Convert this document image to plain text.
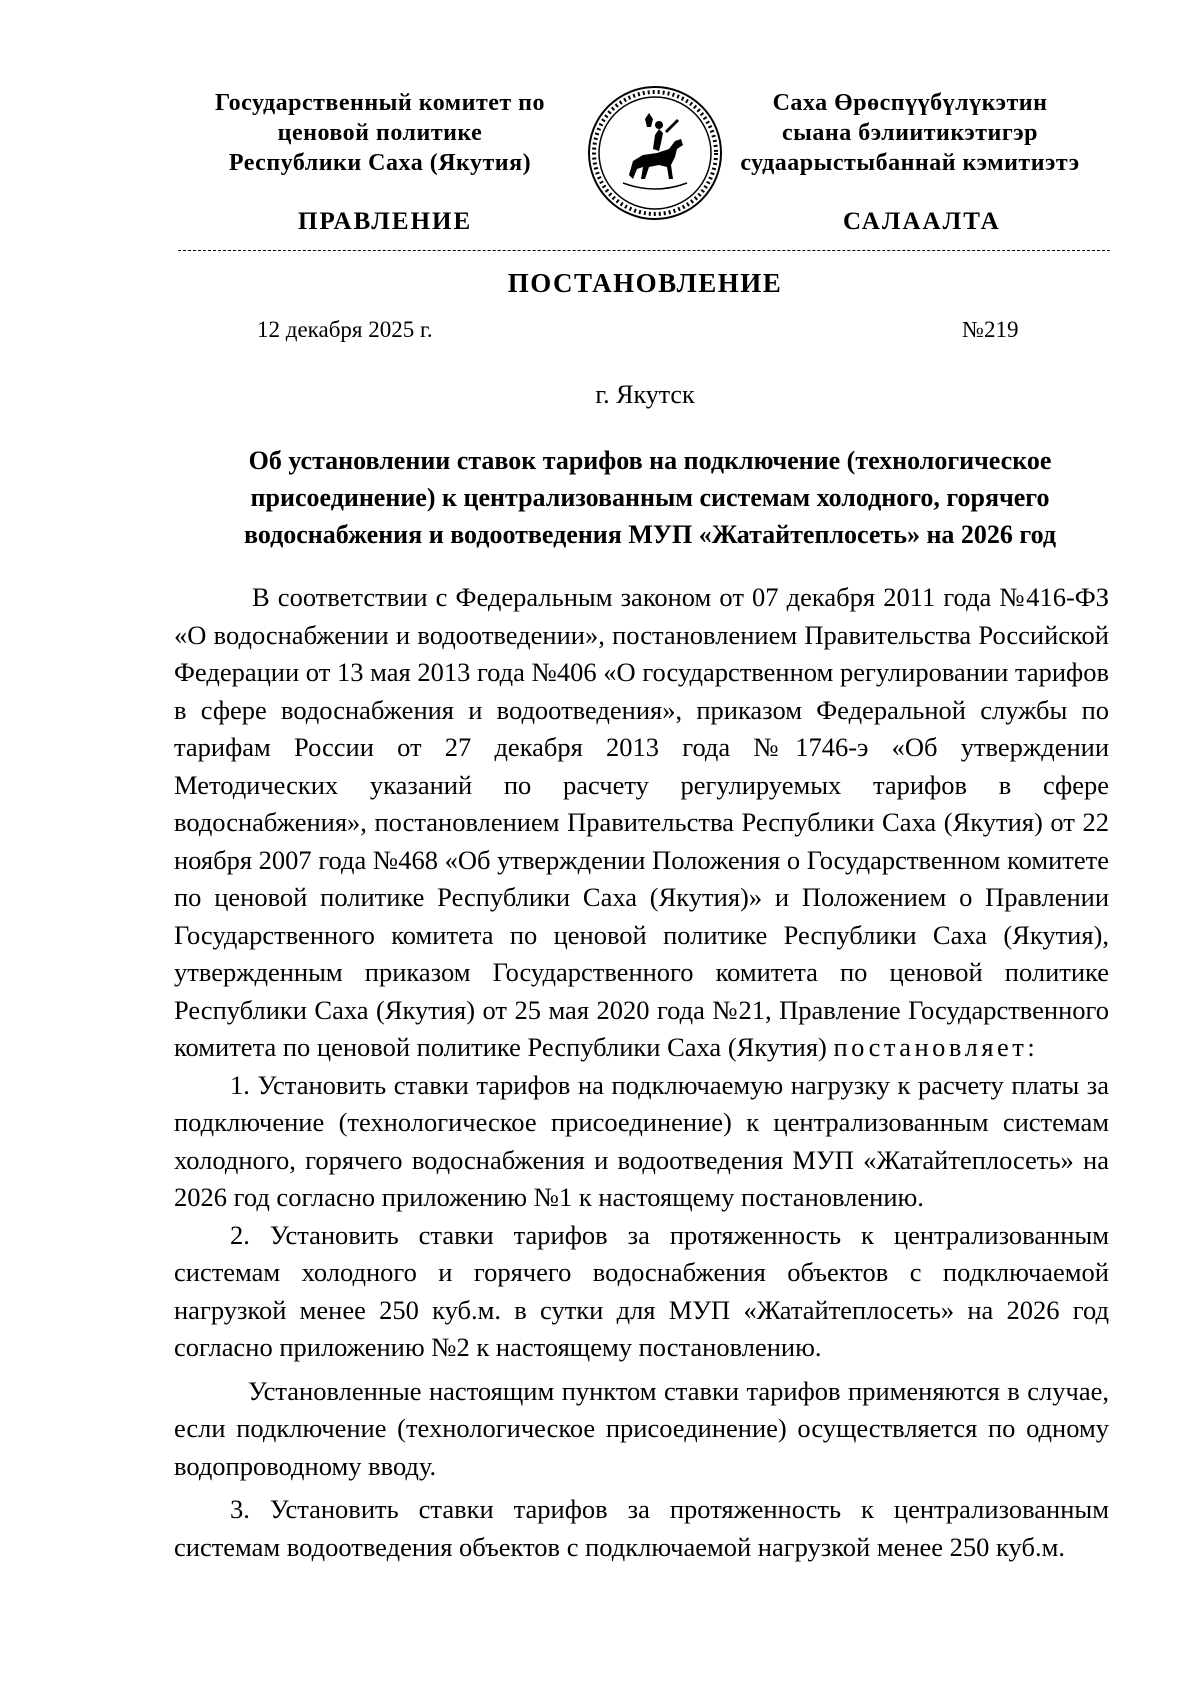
Государственный комитет по
ценовой политике
Республики Саха (Якутия)
Саха Өрөспүүбүлүкэтин
сыана бэлиитикэтигэр
судаарыстыбаннай кэмитиэтэ
ПРАВЛЕНИЕ	САЛААЛТА
ПОСТАНОВЛЕНИЕ
12 декабря 2025 г.	№219
г. Якутск
Об установлении ставок тарифов на подключение (технологическое
присоединение) к централизованным системам холодного, горячего
водоснабжения и водоотведения МУП «Жатайтеплосеть» на 2026 год

В соответствии с Федеральным законом от 07 декабря 2011 года №416-ФЗ «О водоснабжении и водоотведении», постановлением Правительства Российской Федерации от 13 мая 2013 года №406 «О государственном регулировании тарифов в сфере водоснабжения и водоотведения», приказом Федеральной службы по тарифам России от 27 декабря 2013 года №1746-э «Об утверждении Методических указаний по расчету регулируемых тарифов в сфере водоснабжения», постановлением Правительства Республики Саха (Якутия) от 22 ноября 2007 года №468 «Об утверждении Положения о Государственном комитете по ценовой политике Республики Саха (Якутия)» и Положением о Правлении Государственного комитета по ценовой политике Республики Саха (Якутия), утвержденным приказом Государственного комитета по ценовой политике Республики Саха (Якутия) от 25 мая 2020 года №21, Правление Государственного комитета по ценовой политике Республики Саха (Якутия) постановляет:

1. Установить ставки тарифов на подключаемую нагрузку к расчету платы за подключение (технологическое присоединение) к централизованным системам холодного, горячего водоснабжения и водоотведения МУП «Жатайтеплосеть» на 2026 год согласно приложению №1 к настоящему постановлению.

2. Установить ставки тарифов за протяженность к централизованным системам холодного и горячего водоснабжения объектов с подключаемой нагрузкой менее 250 куб.м. в сутки для МУП «Жатайтеплосеть» на 2026 год согласно приложению №2 к настоящему постановлению.

Установленные настоящим пунктом ставки тарифов применяются в случае, если подключение (технологическое присоединение) осуществляется по одному водопроводному вводу.

3. Установить ставки тарифов за протяженность к централизованным системам водоотведения объектов с подключаемой нагрузкой менее 250 куб.м.
